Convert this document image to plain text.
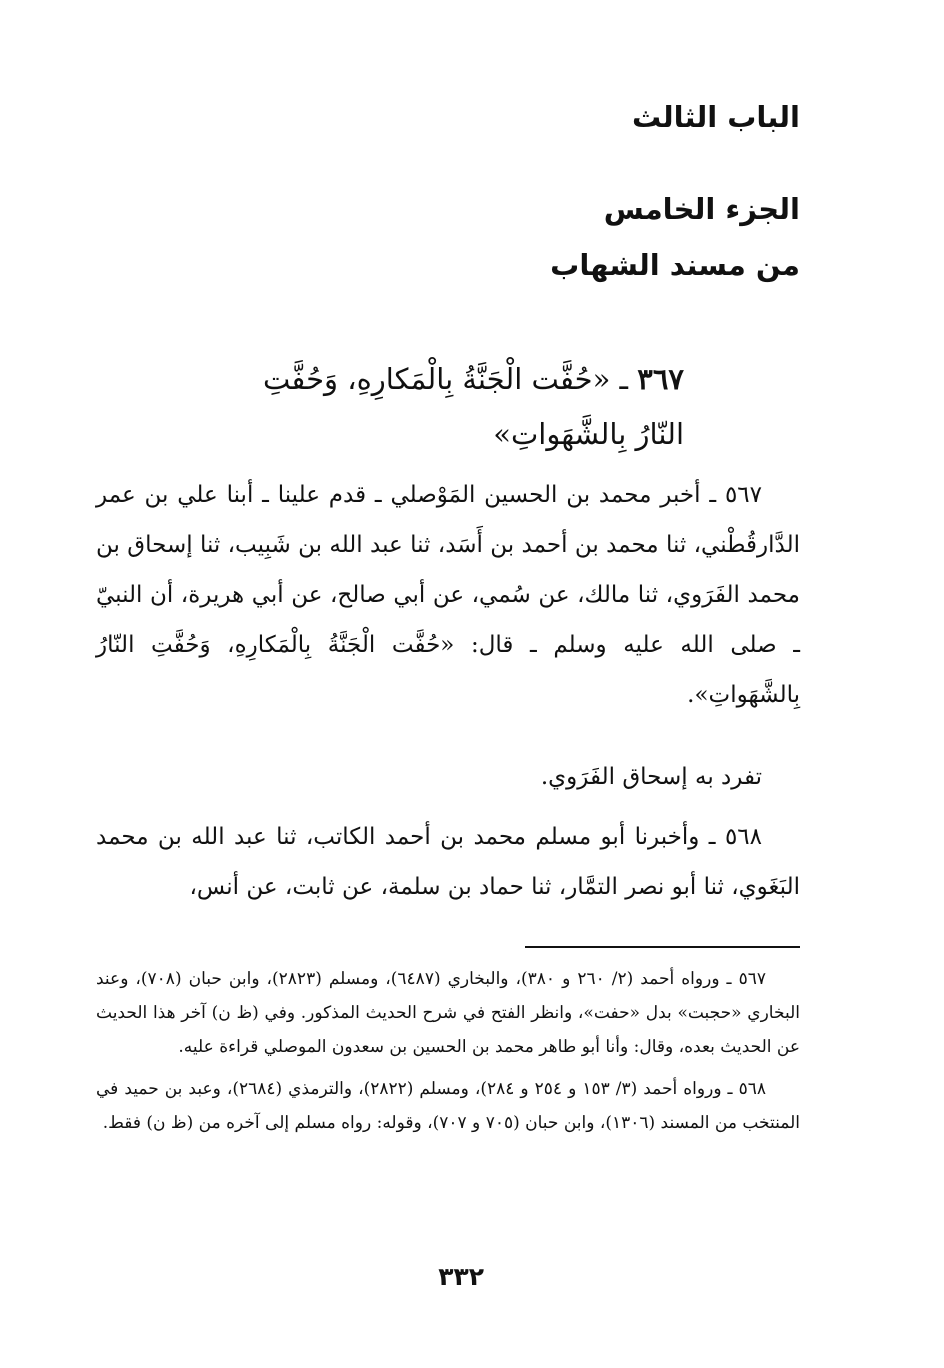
الباب الثالث
الجزء الخامس
من مسند الشهاب
٣٦٧ ـ «حُفَّت الْجَنَّةُ بِالْمَكارِهِ، وَحُفَّتِ النّارُ بِالشَّهَواتِ»
٥٦٧ ـ أخبر محمد بن الحسين المَوْصلي ـ قدم علينا ـ أبنا علي بن عمر الدَّارقُطْني، ثنا محمد بن أحمد بن أَسَد، ثنا عبد الله بن شَبِيب، ثنا إسحاق بن محمد الفَرَوي، ثنا مالك، عن سُمي، عن أبي صالح، عن أبي هريرة، أن النبيّ ـ صلى الله عليه وسلم ـ قال: «حُفَّت الْجَنَّةُ بِالْمَكارِهِ، وَحُفَّتِ النّارُ بِالشَّهَواتِ».
تفرد به إسحاق الفَرَوي.
٥٦٨ ـ وأخبرنا أبو مسلم محمد بن أحمد الكاتب، ثنا عبد الله بن محمد البَغَوي، ثنا أبو نصر التمَّار، ثنا حماد بن سلمة، عن ثابت، عن أنس،

٥٦٧ ـ ورواه أحمد (٢/ ٢٦٠ و ٣٨٠)، والبخاري (٦٤٨٧)، ومسلم (٢٨٢٣)، وابن حبان (٧٠٨)، وعند البخاري «حجبت» بدل «حفت»، وانظر الفتح في شرح الحديث المذكور. وفي (ظ ن) آخر هذا الحديث عن الحديث بعده، وقال: وأنا أبو طاهر محمد بن الحسين بن سعدون الموصلي قراءة عليه.

٥٦٨ ـ ورواه أحمد (٣/ ١٥٣ و ٢٥٤ و ٢٨٤)، ومسلم (٢٨٢٢)، والترمذي (٢٦٨٤)، وعبد بن حميد في المنتخب من المسند (١٣٠٦)، وابن حبان (٧٠٥ و ٧٠٧)، وقوله: رواه مسلم إلى آخره من (ظ ن) فقط.

٣٣٢
